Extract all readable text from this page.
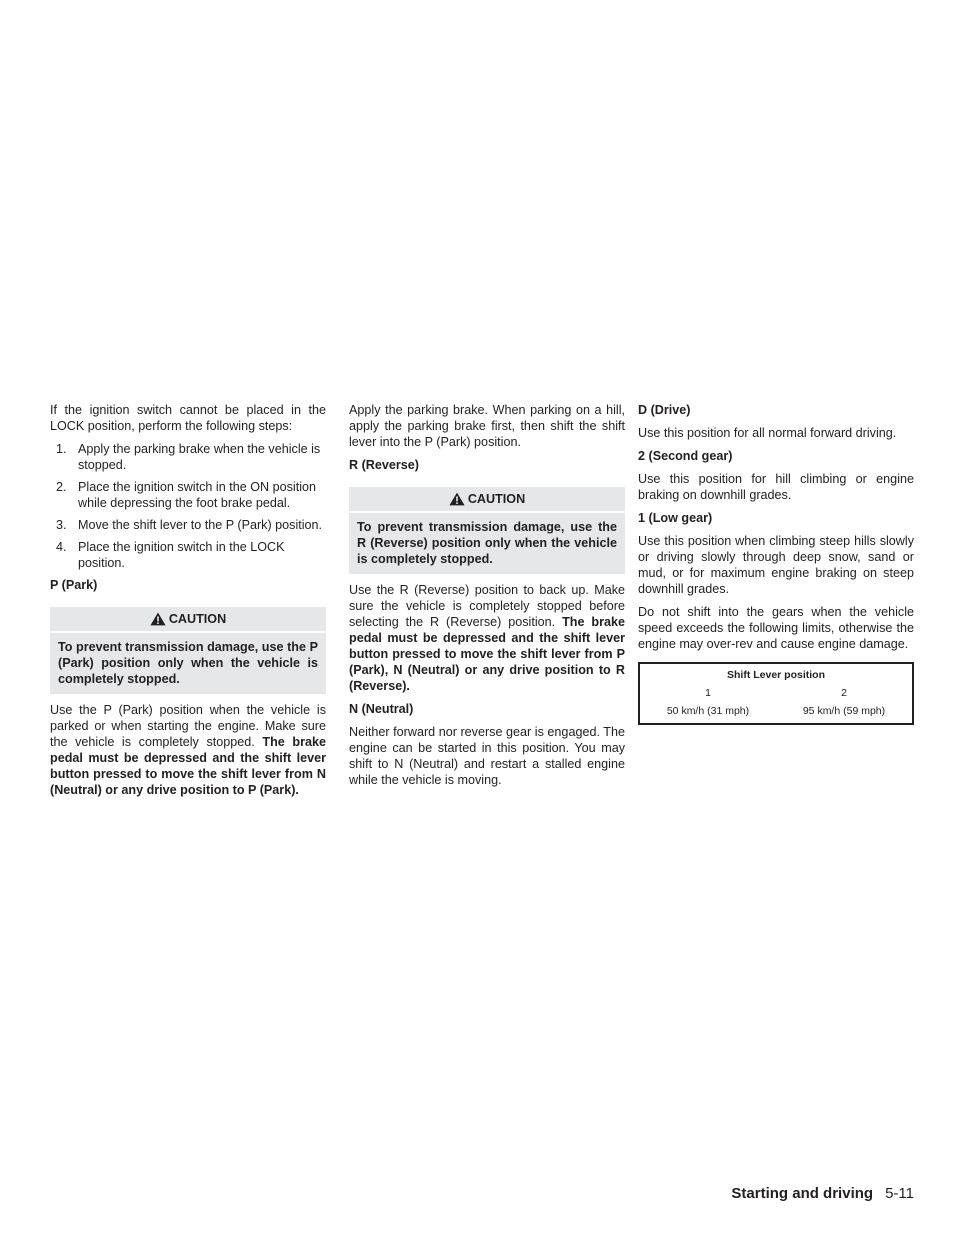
If the ignition switch cannot be placed in the LOCK position, perform the following steps:

1. Apply the parking brake when the vehicle is stopped.
2. Place the ignition switch in the ON position while depressing the foot brake pedal.
3. Move the shift lever to the P (Park) position.
4. Place the ignition switch in the LOCK position.
P (Park)
CAUTION
To prevent transmission damage, use the P (Park) position only when the vehicle is completely stopped.

Use the P (Park) position when the vehicle is parked or when starting the engine. Make sure the vehicle is completely stopped. The brake pedal must be depressed and the shift lever button pressed to move the shift lever from N (Neutral) or any drive position to P (Park).

Apply the parking brake. When parking on a hill, apply the parking brake first, then shift the shift lever into the P (Park) position.

R (Reverse)
CAUTION
To prevent transmission damage, use the R (Reverse) position only when the vehicle is completely stopped.

Use the R (Reverse) position to back up. Make sure the vehicle is completely stopped before selecting the R (Reverse) position. The brake pedal must be depressed and the shift lever button pressed to move the shift lever from P (Park), N (Neutral) or any drive position to R (Reverse).

N (Neutral)

Neither forward nor reverse gear is engaged. The engine can be started in this position. You may shift to N (Neutral) and restart a stalled engine while the vehicle is moving.

D (Drive)

Use this position for all normal forward driving.

2 (Second gear)

Use this position for hill climbing or engine braking on downhill grades.

1 (Low gear)

Use this position when climbing steep hills slowly or driving slowly through deep snow, sand or mud, or for maximum engine braking on steep downhill grades.

Do not shift into the gears when the vehicle speed exceeds the following limits, otherwise the engine may over-rev and cause engine damage.

Shift Lever position	
1	2
50 km/h (31 mph)	95 km/h (59 mph)
Starting and driving 5-11
